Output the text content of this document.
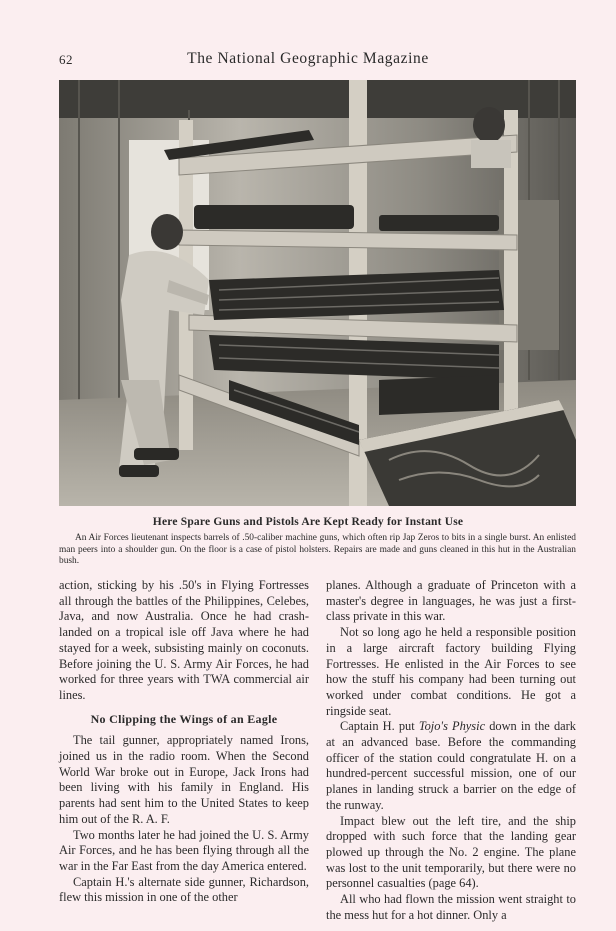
62	The National Geographic Magazine
Here Spare Guns and Pistols Are Kept Ready for Instant Use

An Air Forces lieutenant inspects barrels of .50-caliber machine guns, which often rip Jap Zeros to bits in a single burst. An enlisted man peers into a shoulder gun. On the floor is a case of pistol holsters. Repairs are made and guns cleaned in this hut in the Australian bush.

action, sticking by his .50's in Flying Fortresses all through the battles of the Philippines, Celebes, Java, and now Australia. Once he had crash-landed on a tropical isle off Java where he had stayed for a week, subsisting mainly on coconuts. Before joining the U. S. Army Air Forces, he had worked for three years with TWA commercial air lines.

No Clipping the Wings of an Eagle

The tail gunner, appropriately named Irons, joined us in the radio room. When the Second World War broke out in Europe, Jack Irons had been living with his family in England. His parents had sent him to the United States to keep him out of the R. A. F.

Two months later he had joined the U. S. Army Air Forces, and he has been flying through all the war in the Far East from the day America entered.

Captain H.'s alternate side gunner, Richardson, flew this mission in one of the other

planes. Although a graduate of Princeton with a master's degree in languages, he was just a first-class private in this war.

Not so long ago he held a responsible position in a large aircraft factory building Flying Fortresses. He enlisted in the Air Forces to see how the stuff his company had been turning out worked under combat conditions. He got a ringside seat.

Captain H. put Tojo's Physic down in the dark at an advanced base. Before the commanding officer of the station could congratulate H. on a hundred-percent successful mission, one of our planes in landing struck a barrier on the edge of the runway.

Impact blew out the left tire, and the ship dropped with such force that the landing gear plowed up through the No. 2 engine. The plane was lost to the unit temporarily, but there were no personnel casualties (page 64).

All who had flown the mission went straight to the mess hut for a hot dinner. Only a
